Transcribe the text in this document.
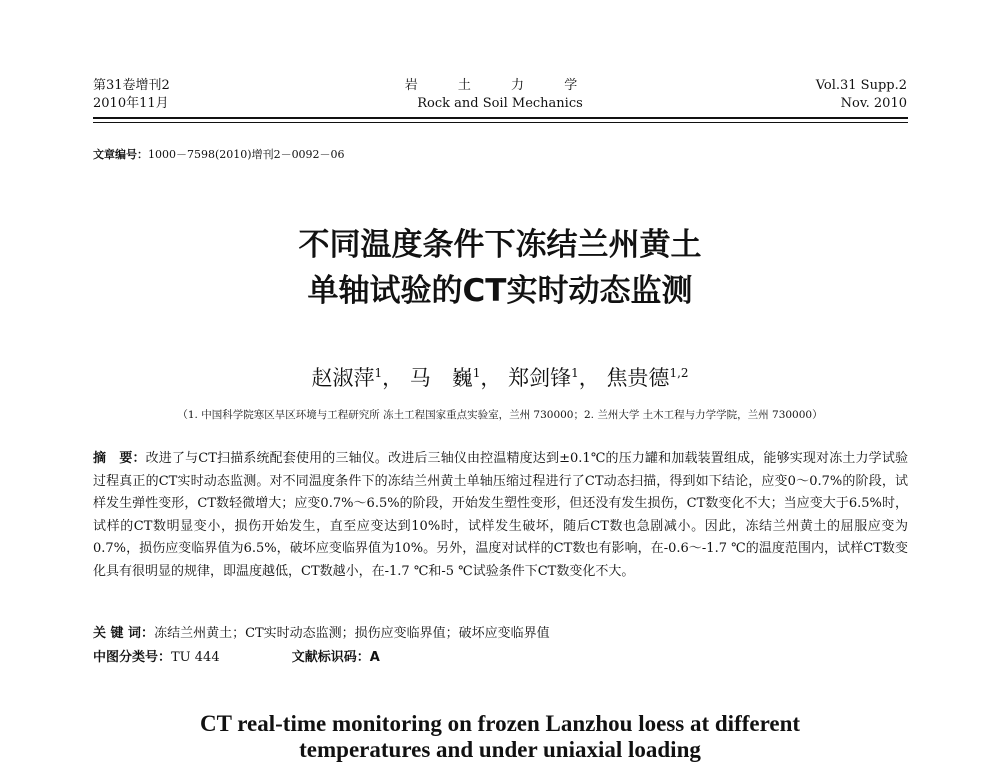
第31卷增刊2
2010年11月
岩 土 力 学
Rock and Soil Mechanics
Vol.31 Supp.2
Nov. 2010
文章编号：1000－7598(2010)增刊2－0092－06
不同温度条件下冻结兰州黄土
单轴试验的CT实时动态监测
赵淑萍$^1$， 马　巍$^1$， 郑剑锋$^1$， 焦贵德$^{1,2}$
（1. 中国科学院寒区旱区环境与工程研究所 冻土工程国家重点实验室，兰州 730000；2. 兰州大学 土木工程与力学学院，兰州 730000）
摘　要：改进了与CT扫描系统配套使用的三轴仪。改进后三轴仪由控温精度达到±0.1℃的压力罐和加载装置组成，能够实现对冻土力学试验过程真正的CT实时动态监测。对不同温度条件下的冻结兰州黄土单轴压缩过程进行了CT动态扫描，得到如下结论，应变0～0.7%的阶段，试样发生弹性变形，CT数轻微增大；应变0.7%～6.5%的阶段，开始发生塑性变形，但还没有发生损伤，CT数变化不大；当应变大于6.5%时，试样的CT数明显变小，损伤开始发生，直至应变达到10%时，试样发生破坏，随后CT数也急剧减小。因此，冻结兰州黄土的屈服应变为0.7%，损伤应变临界值为6.5%，破坏应变临界值为10%。另外，温度对试样的CT数也有影响，在-0.6～-1.7 ℃的温度范围内，试样CT数变化具有很明显的规律，即温度越低，CT数越小，在-1.7 ℃和-5 ℃试验条件下CT数变化不大。
关 键 词：冻结兰州黄土；CT实时动态监测；损伤应变临界值；破坏应变临界值
中图分类号：TU 444	文献标识码：A
CT real-time monitoring on frozen Lanzhou loess at different
temperatures and under uniaxial loading
